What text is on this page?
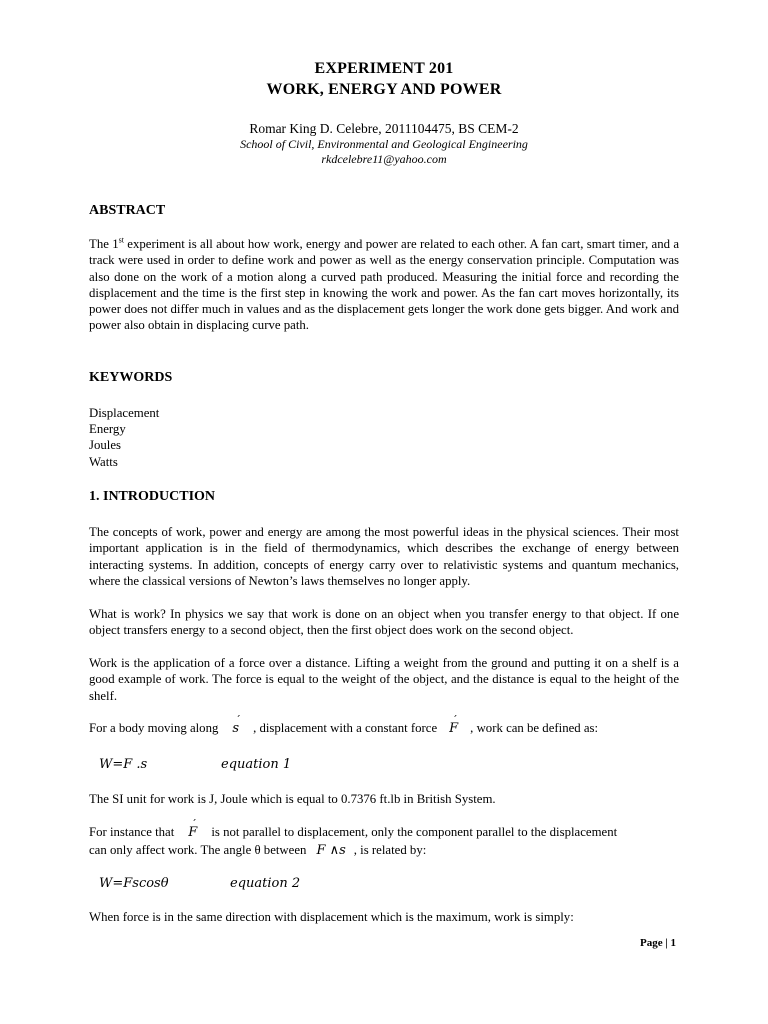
EXPERIMENT 201
WORK, ENERGY AND POWER
Romar King D. Celebre, 2011104475, BS CEM-2
School of Civil, Environmental and Geological Engineering
rkdcelebre11@yahoo.com
ABSTRACT
The 1st experiment is all about how work, energy and power are related to each other. A fan cart, smart timer, and a track were used in order to define work and power as well as the energy conservation principle. Computation was also done on the work of a motion along a curved path produced. Measuring the initial force and recording the displacement and the time is the first step in knowing the work and power. As the fan cart moves horizontally, its power does not differ much in values and as the displacement gets longer the work done gets bigger. And work and power also obtain in displacing curve path.
KEYWORDS
Displacement
Energy
Joules
Watts
1. INTRODUCTION
The concepts of work, power and energy are among the most powerful ideas in the physical sciences. Their most important application is in the field of thermodynamics, which describes the exchange of energy between interacting systems. In addition, concepts of energy carry over to relativistic systems and quantum mechanics, where the classical versions of Newton’s laws themselves no longer apply.
What is work? In physics we say that work is done on an object when you transfer energy to that object. If one object transfers energy to a second object, then the first object does work on the second object.
Work is the application of a force over a distance. Lifting a weight from the ground and putting it on a shelf is a good example of work. The force is equal to the weight of the object, and the distance is equal to the height of the shelf.
For a body moving along ´ s , displacement with a constant force ´ F , work can be defined as:
W=F .s	equation 1
The SI unit for work is J, Joule which is equal to 0.7376 ft.lb in British System.
For instance that ´ F is not parallel to displacement, only the component parallel to the displacement
can only affect work. The angle θ between F ∧s , is related by:
W=Fscosθ	equation 2
When force is in the same direction with displacement which is the maximum, work is simply:
Page | 1
